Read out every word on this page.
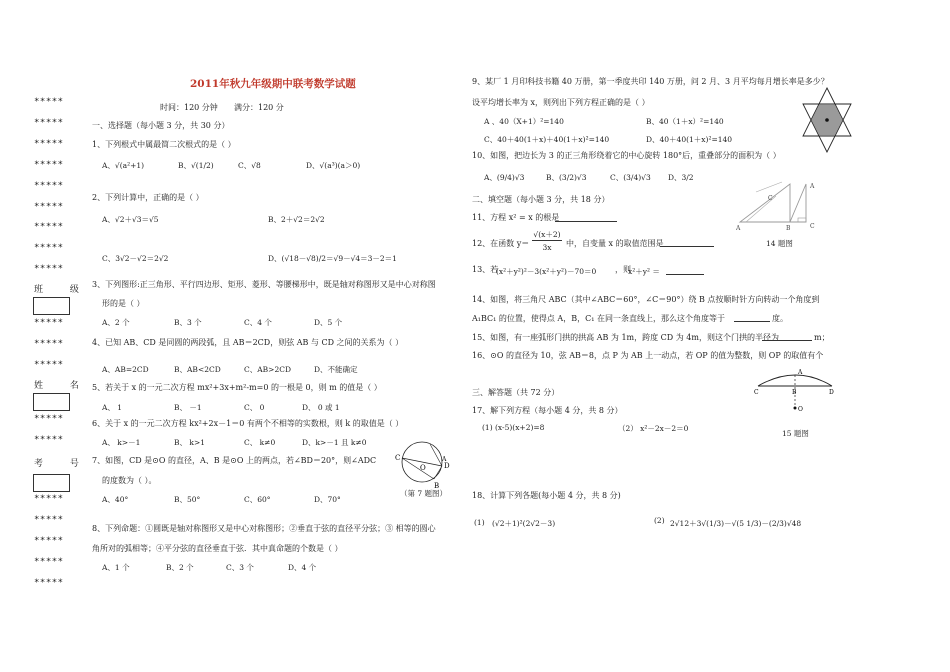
*****
*****
*****
*****
*****
*****
*****
*****
*****
班 级
*****
*****
*****
姓 名
*****
*****
考 号
*****
*****
*****
*****
*****
2011年秋九年级期中联考数学试题
时间：120 分钟 满分：120 分
一、选择题（每小题 3 分，共 30 分）
1、下列根式中属最简二次根式的是（ ）
A、√(a²+1)	B、√(1/2)	C、√8	D、√(a³)(a＞0)
2、下列计算中，正确的是（ ）
A、√2＋√3＝√5	B、2＋√2＝2√2
C、3√2－√2＝2√2	D、(√18－√8)/2＝√9－√4＝3－2＝1
3、下列图形:正三角形、平行四边形、矩形、菱形、等腰梯形中，既是轴对称图形又是中心对称图
形的是（ ）
A、2 个	B、3 个	C、4 个	D、5 个
4、已知 AB、CD 是同圆的两段弧，且 AB＝2CD，则弦 AB 与 CD 之间的关系为（ ）
A、AB=2CD	B、AB<2CD	C、AB>2CD	D、不能确定
5、若关于 x 的一元二次方程 mx²+3x+m²-m=0 的一根是 0，则 m 的值是（ ）
A、 1	B、 －1	C、 0	D、 0 或 1
6、关于 x 的一元二次方程 kx²+2x－1＝0 有两个不相等的实数根，则 k 的取值是（ ）
A、 k>－1	B、 k>1	C、 k≠0	D、k>－1 且 k≠0
7、如图，CD 是⊙O 的直径，A、B 是⊙O 上的两点，若∠BD＝20°，则∠ADC
的度数为（ ）。
A、40°	B、50°	C、60°	D、70°
C
D
O
A
B
（第 7 题图）
8、下列命题：①圆既是轴对称图形又是中心对称图形；②垂直于弦的直径平分弦；③ 相等的圆心
角所对的弧相等；④平分弦的直径垂直于弦．其中真命题的个数是（ ）
A、1 个	B、2 个	C、3 个	D、4 个
9、某厂 1 月印科技书籍 40 万册，第一季度共印 140 万册，问 2 月、3 月平均每月增长率是多少？
设平均增长率为 x，则列出下列方程正确的是（ ）
A 、40（X+1）²=140	B、40（1＋x）²=140
C、40＋40(1＋x)＋40(1＋x)²=140	D、40＋40(1＋x)²=140
10、如图，把边长为 3 的正三角形绕着它的中心旋转 180°后，重叠部分的面积为（ ）
A、(9/4)√3	B、(3/2)√3	C、(3/4)√3 D、3/2
二、填空题（每小题 3 分，共 18 分）
11、方程 x² = x 的根是
12、在函数 y＝
√(x＋2)
3x	中，自变量 x 的取值范围是
A	B
A
C
C
14 题图
13、若
(x²＋y²)²－3(x²＋y²)－70＝0 ，则
x²＋y² ＝
14、如图，将三角尺 ABC（其中∠ABC＝60°，∠C＝90°）绕 B 点按顺时针方向转动一个角度到
A₁BC₁ 的位置，使得点 A，B，C₁ 在同一条直线上，那么这个角度等于	度。
15、如图，有一座弧形门拱的拱高 AB 为 1m，跨度 CD 为 4m，则这个门拱的半径为	m；
16、⊙O 的直径为 10，弦 AB＝8，点 P 为 AB 上一动点，若 OP 的值为整数，则 OP 的取值有个
C	B	D
A
O
三、解答题（共 72 分）
17、解下列方程（每小题 4 分，共 8 分）
(1) (x-5)(x+2)=8	（2） x²－2x－2＝0
15 题图
18、计算下列各题(每小题 4 分，共 8 分)
(1) (√2＋1)²(2√2－3)	(2) 2√12＋3√(1/3)－√(5 1/3)－(2/3)√48
